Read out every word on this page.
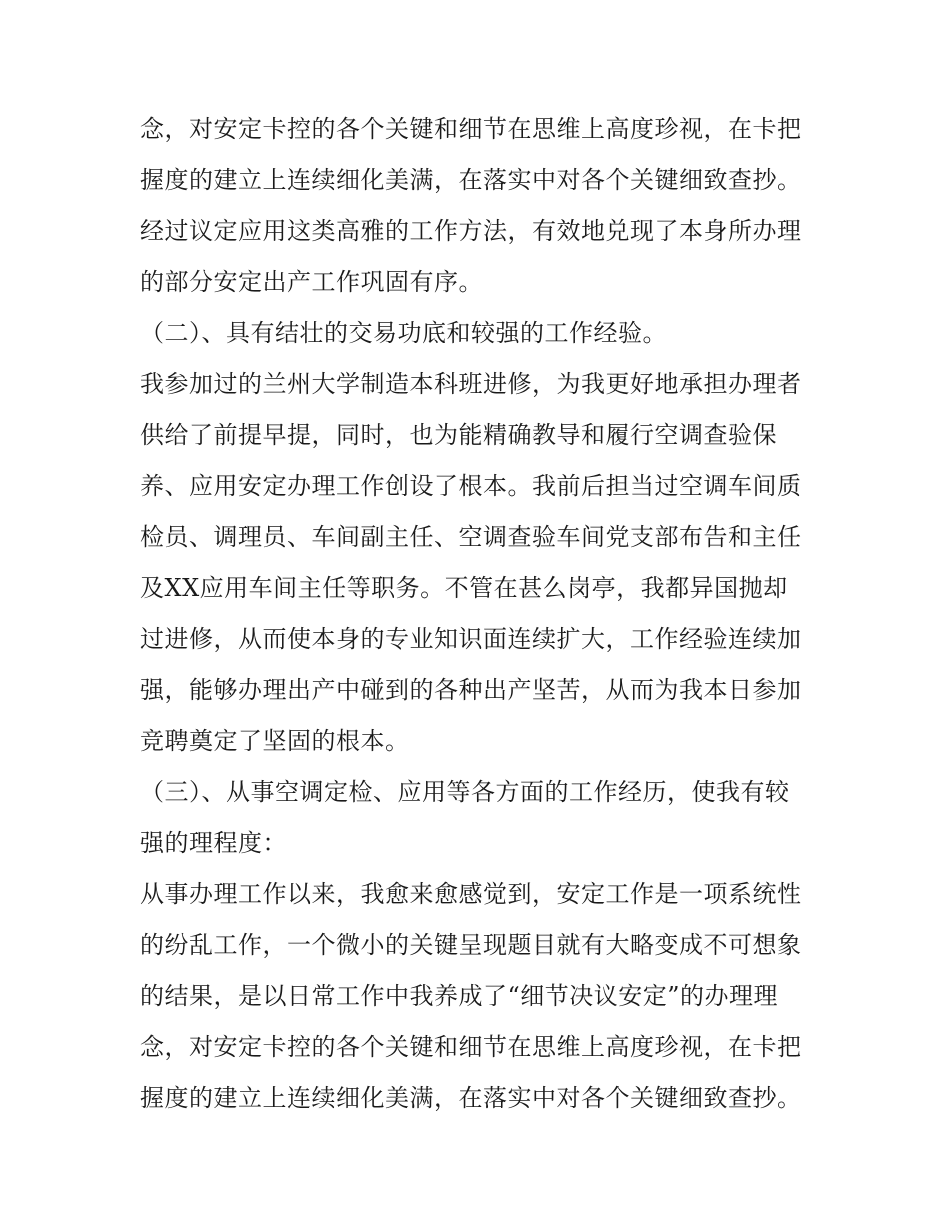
念，对安定卡控的各个关键和细节在思维上高度珍视，在卡把
握度的建立上连续细化美满，在落实中对各个关键细致查抄。
经过议定应用这类高雅的工作方法，有效地兑现了本身所办理
的部分安定出产工作巩固有序。
（二）、具有结壮的交易功底和较强的工作经验。
我参加过的兰州大学制造本科班进修，为我更好地承担办理者
供给了前提早提，同时，也为能精确教导和履行空调查验保
养、应用安定办理工作创设了根本。我前后担当过空调车间质
检员、调理员、车间副主任、空调查验车间党支部布告和主任
及XX应用车间主任等职务。不管在甚么岗亭，我都异国抛却
过进修，从而使本身的专业知识面连续扩大，工作经验连续加
强，能够办理出产中碰到的各种出产坚苦，从而为我本日参加
竞聘奠定了坚固的根本。
（三）、从事空调定检、应用等各方面的工作经历，使我有较
强的理程度：
从事办理工作以来，我愈来愈感觉到，安定工作是一项系统性
的纷乱工作，一个微小的关键呈现题目就有大略变成不可想象
的结果，是以日常工作中我养成了“细节决议安定”的办理理
念，对安定卡控的各个关键和细节在思维上高度珍视，在卡把
握度的建立上连续细化美满，在落实中对各个关键细致查抄。
